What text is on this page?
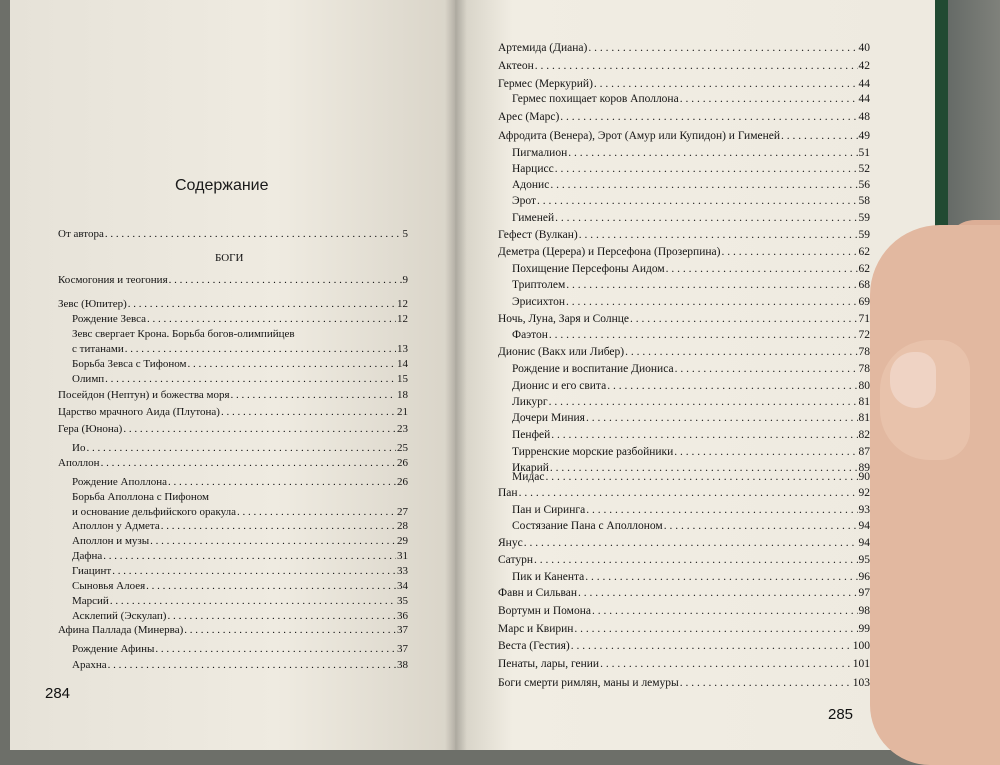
Содержание
БОГИ
284
285
От автора . . .	5
Космогония и теогония . . .	9
Зевс (Юпитер) . . .	12
Рождение Зевса . . .	12
Зевс свергает Крона. Борьба богов-олимпийцев
с титанами . . .	13
Борьба Зевса с Тифоном . . .	14
Олимп . . .	15
Посейдон (Нептун) и божества моря . . .	18
Царство мрачного Аида (Плутона) . . .	21
Гера (Юнона) . . .	23
Ио . . .	25
Аполлон . . .	26
Рождение Аполлона . . .	26
Борьба Аполлона с Пифоном
и основание дельфийского оракула . . .	27
Аполлон у Адмета . . .	28
Аполлон и музы . . .	29
Дафна . . .	31
Гиацинт . . .	33
Сыновья Алоея . . .	34
Марсий . . .	35
Асклепий (Эскулап) . . .	36
Афина Паллада (Минерва) . . .	37
Рождение Афины . . .	37
Арахна . . .	38
Артемида (Диана) . . .	40
Актеон . . .	42
Гермес (Меркурий) . . .	44
Гермес похищает коров Аполлона . . .	44
Арес (Марс) . . .	48
Афродита (Венера), Эрот (Амур или Купидон) и Гименей . . .	49
Пигмалион . . .	51
Нарцисс . . .	52
Адонис . . .	56
Эрот . . .	58
Гименей . . .	59
Гефест (Вулкан) . . .	59
Деметра (Церера) и Персефона (Прозерпина) . . .	62
Похищение Персефоны Аидом . . .	62
Триптолем . . .	68
Эрисихтон . . .	69
Ночь, Луна, Заря и Солнце . . .	71
Фаэтон . . .	72
Дионис (Вакх или Либер) . . .	78
Рождение и воспитание Диониса . . .	78
Дионис и его свита . . .	80
Ликург . . .	81
Дочери Миния . . .	81
Пенфей . . .	82
Тирренские морские разбойники . . .	87
Икарий . . .	89
Мидас . . .	90
Пан . . .	92
Пан и Сиринга . . .	93
Состязание Пана с Аполлоном . . .	94
Янус . . .	94
Сатурн . . .	95
Пик и Канента . . .	96
Фавн и Сильван . . .	97
Вортумн и Помона . . .	98
Марс и Квирин . . .	99
Веста (Гестия) . . .	100
Пенаты, лары, гении . . .	101
Боги смерти римлян, маны и лемуры . . .	103
